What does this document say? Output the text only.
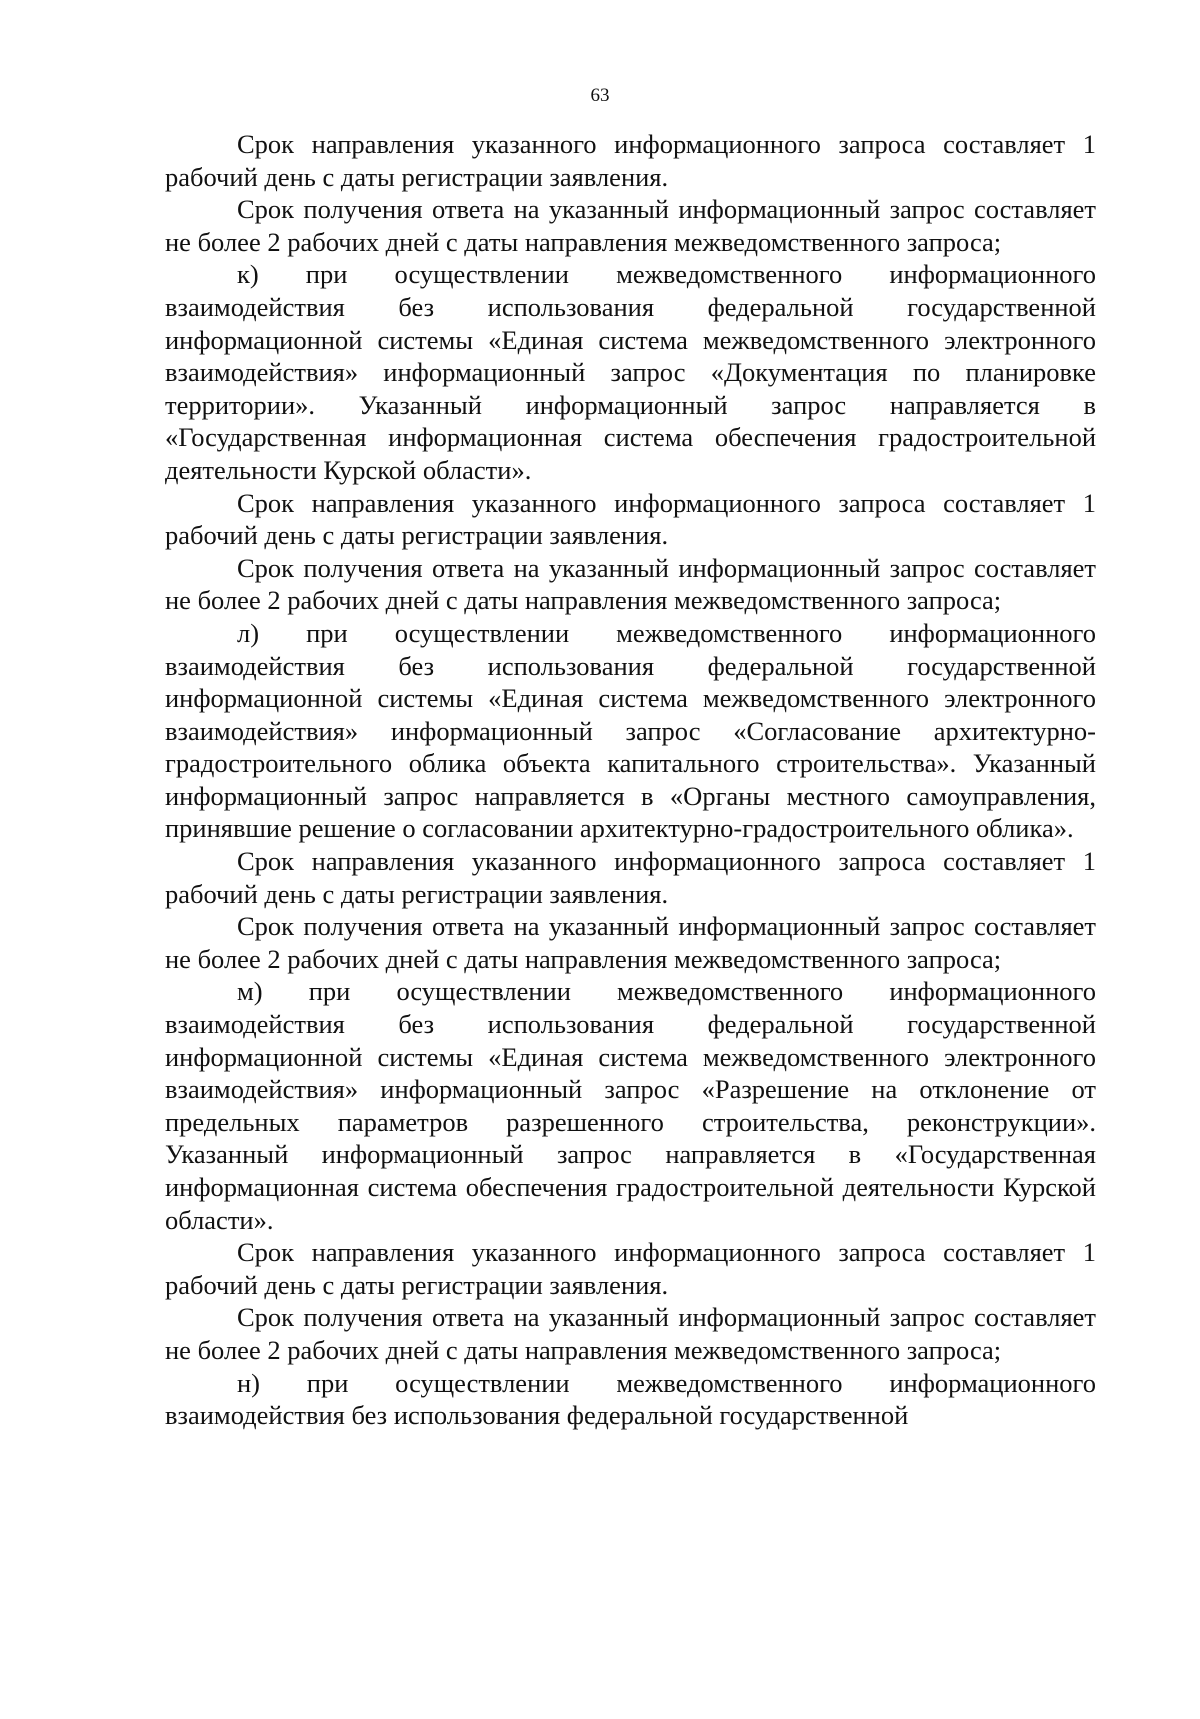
63

Срок направления указанного информационного запроса составляет 1 рабочий день с даты регистрации заявления.

Срок получения ответа на указанный информационный запрос составляет не более 2 рабочих дней с даты направления межведомственного запроса;

к) при осуществлении межведомственного информационного взаимодействия без использования федеральной государственной информационной системы «Единая система межведомственного электронного взаимодействия» информационный запрос «Документация по планировке территории». Указанный информационный запрос направляется в «Государственная информационная система обеспечения градостроительной деятельности Курской области».

Срок направления указанного информационного запроса составляет 1 рабочий день с даты регистрации заявления.

Срок получения ответа на указанный информационный запрос составляет не более 2 рабочих дней с даты направления межведомственного запроса;

л) при осуществлении межведомственного информационного взаимодействия без использования федеральной государственной информационной системы «Единая система межведомственного электронного взаимодействия» информационный запрос «Согласование архитектурно-градостроительного облика объекта капитального строительства». Указанный информационный запрос направляется в «Органы местного самоуправления, принявшие решение о согласовании архитектурно-градостроительного облика».

Срок направления указанного информационного запроса составляет 1 рабочий день с даты регистрации заявления.

Срок получения ответа на указанный информационный запрос составляет не более 2 рабочих дней с даты направления межведомственного запроса;

м) при осуществлении межведомственного информационного взаимодействия без использования федеральной государственной информационной системы «Единая система межведомственного электронного взаимодействия» информационный запрос «Разрешение на отклонение от предельных параметров разрешенного строительства, реконструкции». Указанный информационный запрос направляется в «Государственная информационная система обеспечения градостроительной деятельности Курской области».

Срок направления указанного информационного запроса составляет 1 рабочий день с даты регистрации заявления.

Срок получения ответа на указанный информационный запрос составляет не более 2 рабочих дней с даты направления межведомственного запроса;

н) при осуществлении межведомственного информационного взаимодействия без использования федеральной государственной
